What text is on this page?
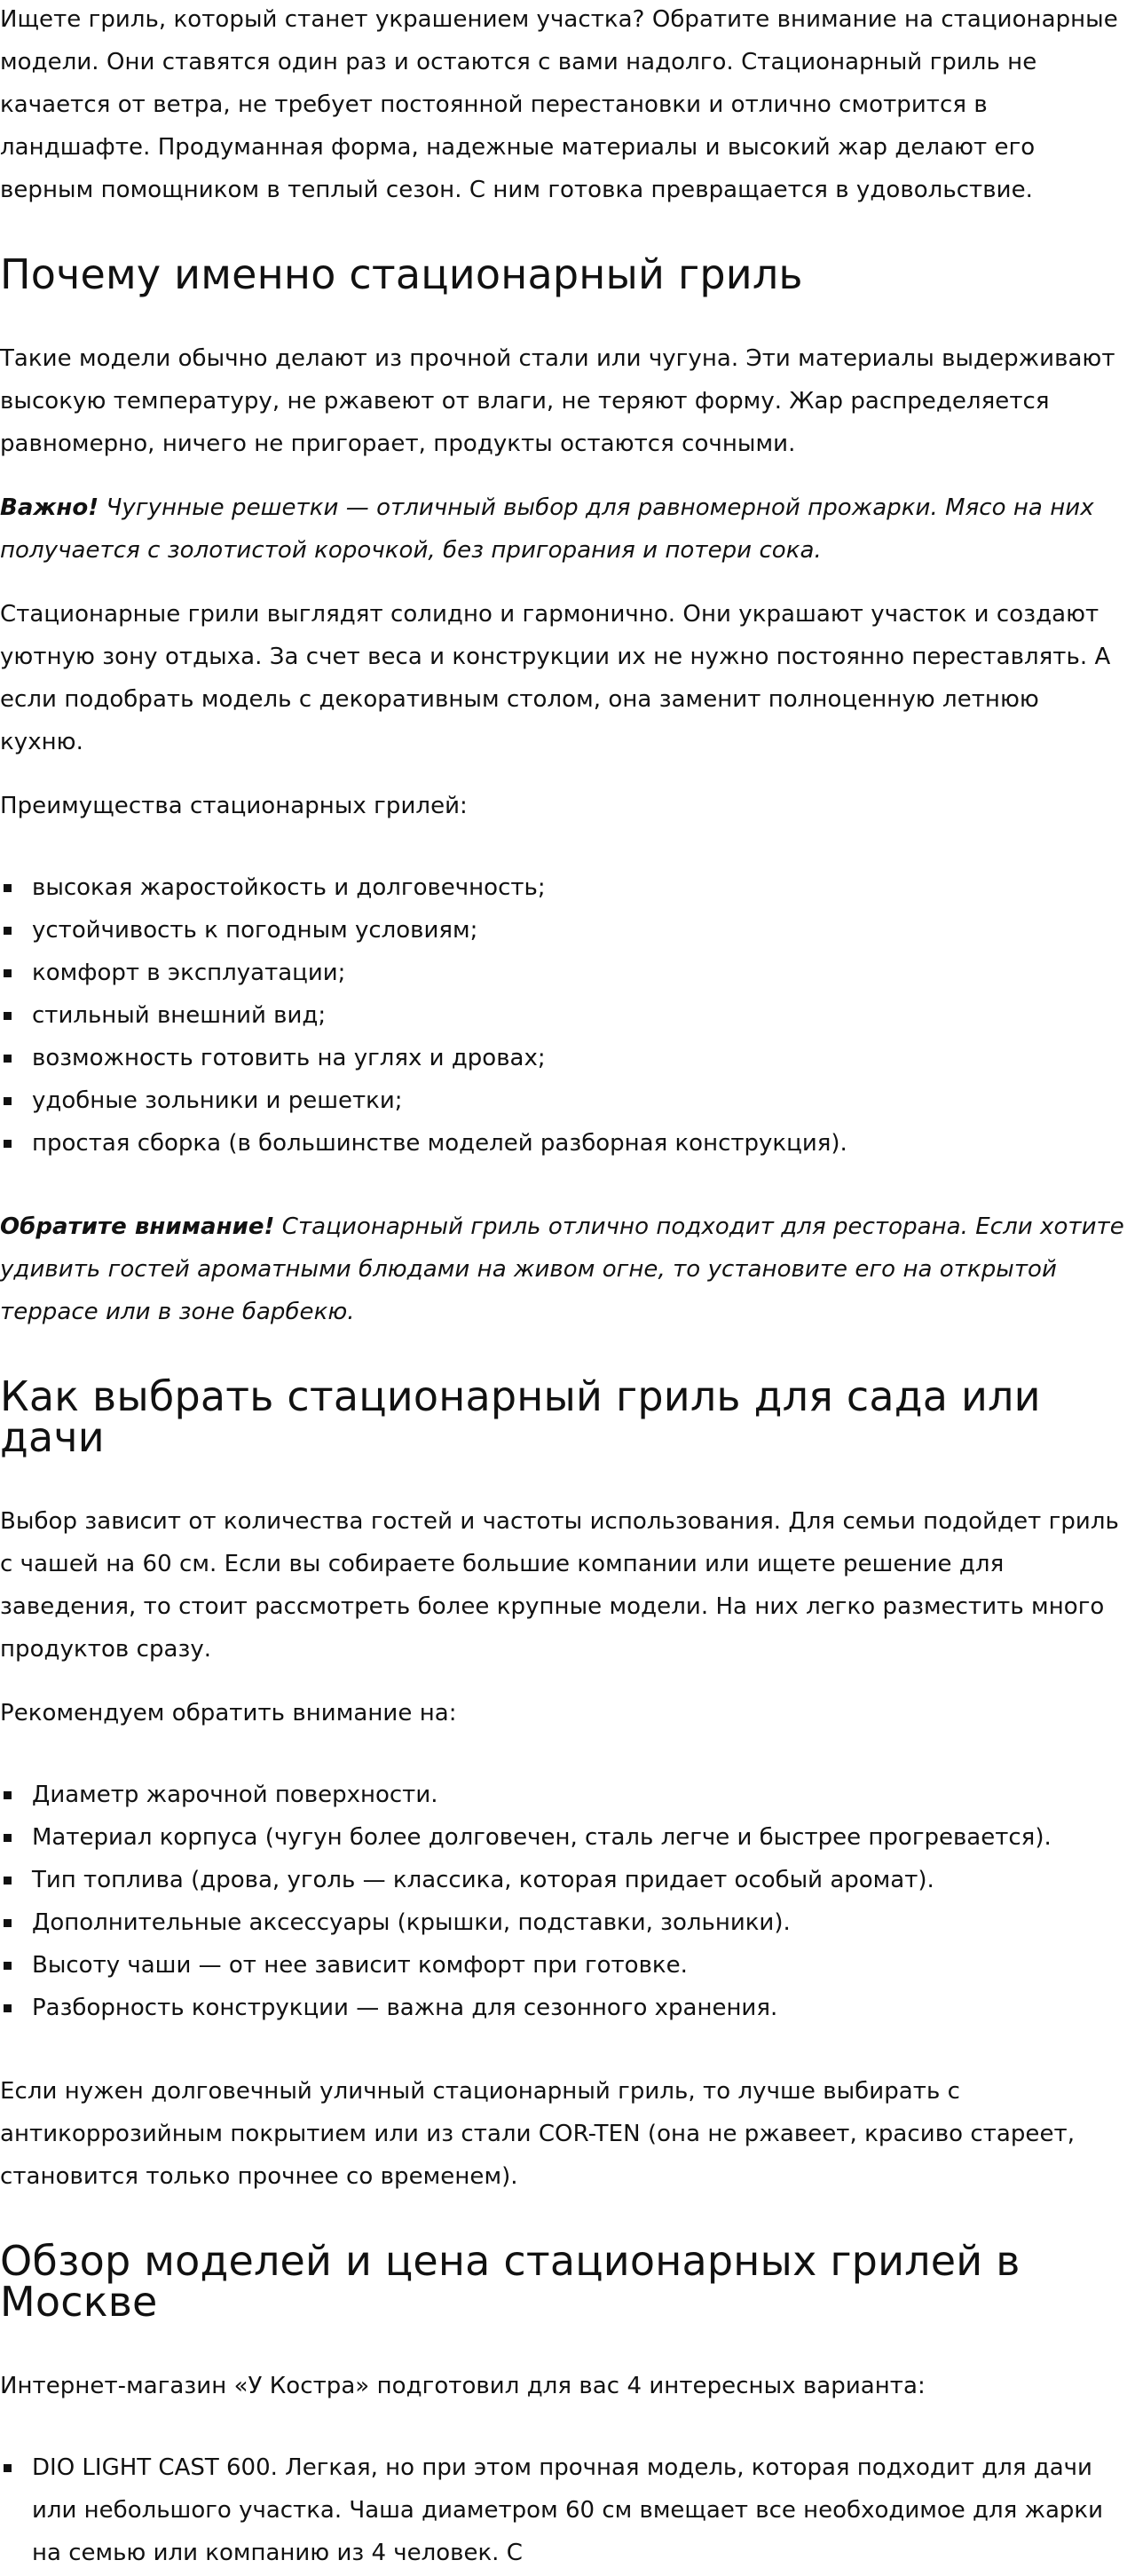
Ищете гриль, который станет украшением участка? Обратите внимание на стационарные модели. Они ставятся один раз и остаются с вами надолго. Стационарный гриль не качается от ветра, не требует постоянной перестановки и отлично смотрится в ландшафте. Продуманная форма, надежные материалы и высокий жар делают его верным помощником в теплый сезон. С ним готовка превращается в удовольствие.

Почему именно стационарный гриль

Такие модели обычно делают из прочной стали или чугуна. Эти материалы выдерживают высокую температуру, не ржавеют от влаги, не теряют форму. Жар распределяется равномерно, ничего не пригорает, продукты остаются сочными.

Важно! Чугунные решетки — отличный выбор для равномерной прожарки. Мясо на них получается с золотистой корочкой, без пригорания и потери сока.

Стационарные грили выглядят солидно и гармонично. Они украшают участок и создают уютную зону отдыха. За счет веса и конструкции их не нужно постоянно переставлять. А если подобрать модель с декоративным столом, она заменит полноценную летнюю кухню.

Преимущества стационарных грилей:

высокая жаростойкость и долговечность;
устойчивость к погодным условиям;
комфорт в эксплуатации;
стильный внешний вид;
возможность готовить на углях и дровах;
удобные зольники и решетки;
простая сборка (в большинстве моделей разборная конструкция).

Обратите внимание! Стационарный гриль отлично подходит для ресторана. Если хотите удивить гостей ароматными блюдами на живом огне, то установите его на открытой террасе или в зоне барбекю.

Как выбрать стационарный гриль для сада или дачи

Выбор зависит от количества гостей и частоты использования. Для семьи подойдет гриль с чашей на 60 см. Если вы собираете большие компании или ищете решение для заведения, то стоит рассмотреть более крупные модели. На них легко разместить много продуктов сразу.

Рекомендуем обратить внимание на:

Диаметр жарочной поверхности.
Материал корпуса (чугун более долговечен, сталь легче и быстрее прогревается).
Тип топлива (дрова, уголь — классика, которая придает особый аромат).
Дополнительные аксессуары (крышки, подставки, зольники).
Высоту чаши — от нее зависит комфорт при готовке.
Разборность конструкции — важна для сезонного хранения.

Если нужен долговечный уличный стационарный гриль, то лучше выбирать с антикоррозийным покрытием или из стали COR-TEN (она не ржавеет, красиво стареет, становится только прочнее со временем).

Обзор моделей и цена стационарных грилей в Москве

Интернет-магазин «У Костра» подготовил для вас 4 интересных варианта:

DIO LIGHT CAST 600. Легкая, но при этом прочная модель, которая подходит для дачи или небольшого участка. Чаша диаметром 60 см вмещает все необходимое для жарки на семью или компанию из 4 человек. С
